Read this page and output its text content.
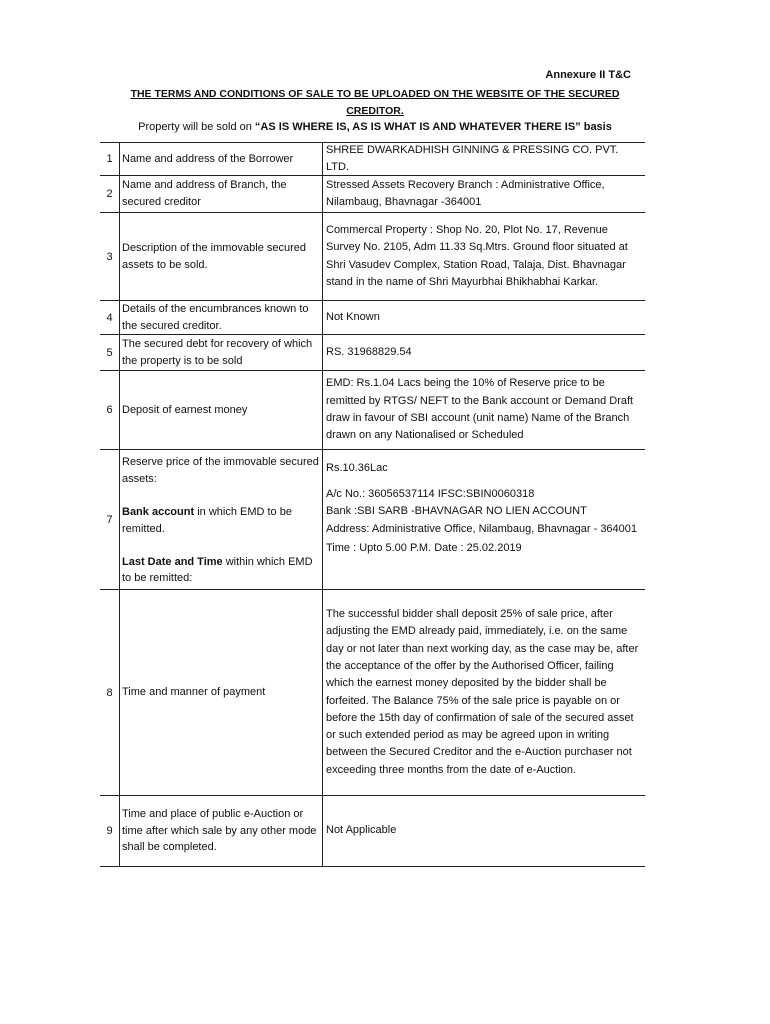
Annexure II T&C
THE TERMS AND CONDITIONS OF SALE TO BE UPLOADED ON THE WEBSITE OF THE SECURED
CREDITOR.
Property will be sold on “AS IS WHERE IS, AS IS WHAT IS AND WHATEVER THERE IS” basis
1 Name and address of the Borrower
SHREE DWARKADHISH GINNING & PRESSING CO. PVT. LTD.
2
Name and address of Branch, the secured creditor
Stressed Assets Recovery Branch : Administrative Office, Nilambaug, Bhavnagar -364001
3
Description of the immovable secured assets to be sold.
Commercal Property : Shop No. 20, Plot No. 17, Revenue Survey No. 2105, Adm 11.33 Sq.Mtrs. Ground floor situated at Shri Vasudev Complex, Station Road, Talaja, Dist. Bhavnagar stand in the name of Shri Mayurbhai Bhikhabhai Karkar.
4
Details of the encumbrances known to the secured creditor.
Not Known
5
The secured debt for recovery of which the property is to be sold
RS. 31968829.54
6 Deposit of earnest money
EMD: Rs.1.04 Lacs being the 10% of Reserve price to be remitted by RTGS/ NEFT to the Bank account or Demand Draft draw in favour of SBI account (unit name) Name of the Branch drawn on any Nationalised or Scheduled
7
Reserve price of the immovable secured assets:
Bank account in which EMD to be remitted.
Last Date and Time within which EMD to be remitted:
Rs.10.36Lac
A/c No.: 36056537114 IFSC:SBIN0060318
Bank :SBI SARB -BHAVNAGAR NO LIEN ACCOUNT
Address: Administrative Office, Nilambaug, Bhavnagar - 364001
Time : Upto 5.00 P.M. Date : 25.02.2019
8 Time and manner of payment
The successful bidder shall deposit 25% of sale price, after adjusting the EMD already paid, immediately, i.e. on the same day or not later than next working day, as the case may be, after the acceptance of the offer by the Authorised Officer, failing which the earnest money deposited by the bidder shall be forfeited. The Balance 75% of the sale price is payable on or before the 15th day of confirmation of sale of the secured asset or such extended period as may be agreed upon in writing between the Secured Creditor and the e-Auction purchaser not exceeding three months from the date of e-Auction.
9
Time and place of public e-Auction or time after which sale by any other mode shall be completed.
Not Applicable
